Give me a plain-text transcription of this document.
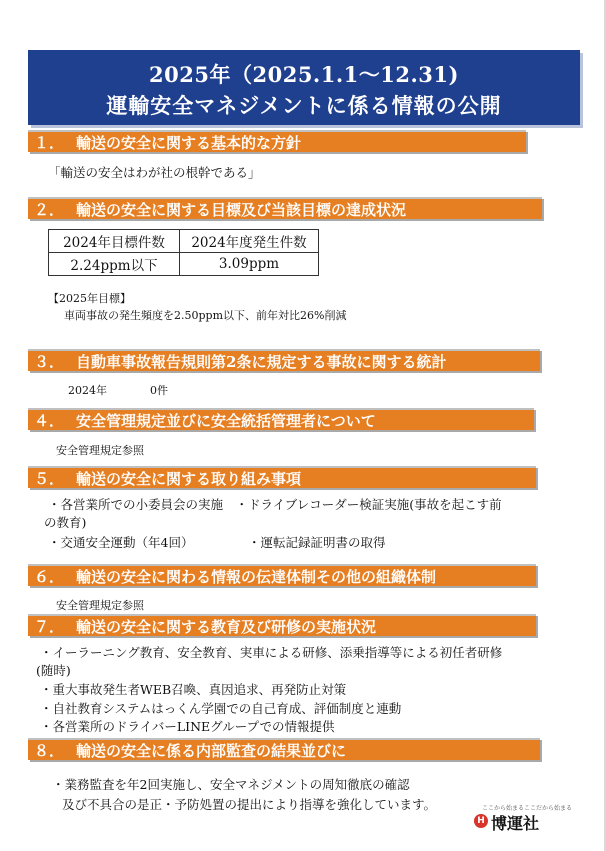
2025年（2025.1.1～12.31)
運輸安全マネジメントに係る情報の公開
１． 輸送の安全に関する基本的な方針
「輸送の安全はわが社の根幹である」
２． 輸送の安全に関する目標及び当該目標の達成状況
2024年目標件数	2024年度発生件数
2.24ppm以下	3.09ppm
【2025年目標】
車両事故の発生頻度を2.50ppm以下、前年対比26%削減
３． 自動車事故報告規則第2条に規定する事故に関する統計
2024年	0件
４． 安全管理規定並びに安全統括管理者について
安全管理規定参照
５． 輸送の安全に関する取り組み事項
・各営業所での小委員会の実施　・ドライブレコーダー検証実施(事故を起こす前
の教育)
・交通安全運動（年4回）	・運転記録証明書の取得
６． 輸送の安全に関わる情報の伝達体制その他の組織体制
安全管理規定参照
７． 輸送の安全に関する教育及び研修の実施状況
・イーラーニング教育、安全教育、実車による研修、添乗指導等による初任者研修
(随時)
・重大事故発生者WEB召喚、真因追求、再発防止対策
・自社教育システムはっくん学園での自己育成、評価制度と連動
・各営業所のドライバーLINEグループでの情報提供
８． 輸送の安全に係る内部監査の結果並びに
・業務監査を年2回実施し、安全マネジメントの周知徹底の確認
及び不具合の是正・予防処置の提出により指導を強化しています。	ここから始まるここだから始まる
H 博運社
